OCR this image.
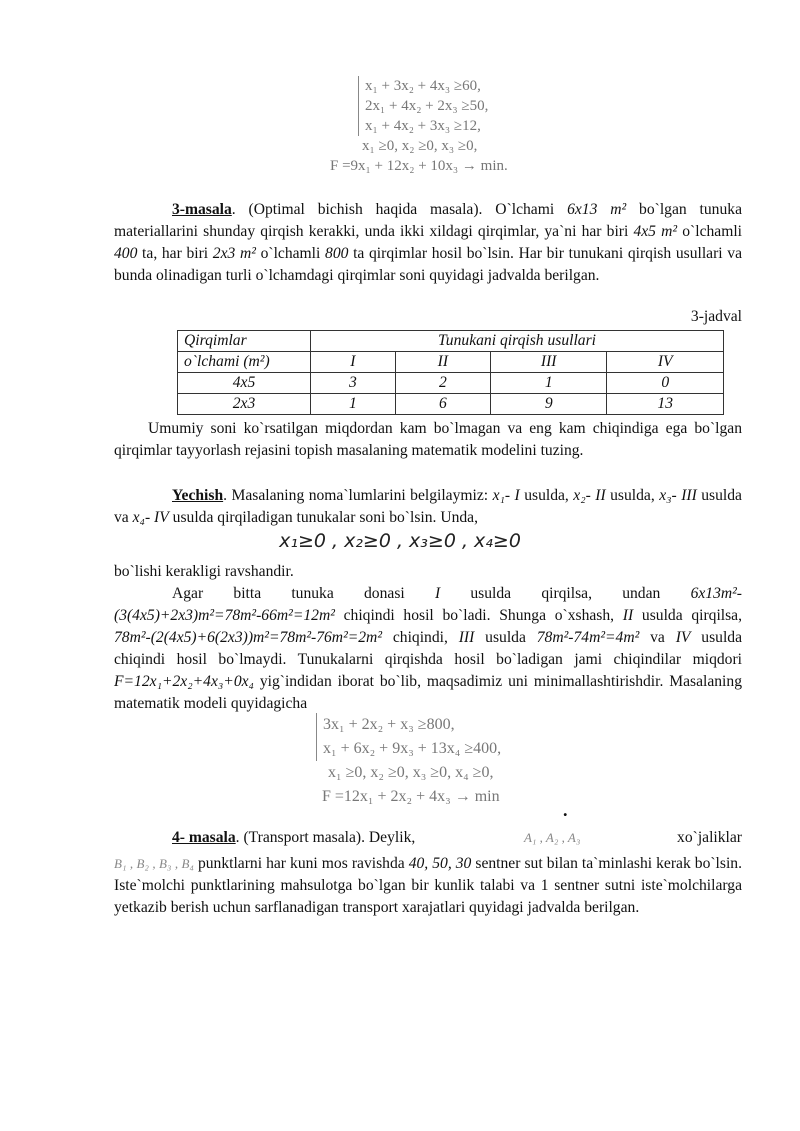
x₁ + 3x₂ + 4x₃ ≥60,
2x₁ + 4x₂ + 2x₃ ≥50,
x₁ + 4x₂ + 3x₃ ≥12,
x₁ ≥0, x₂ ≥0, x₃ ≥0,
F =9x₁ + 12x₂ + 10x₃ → min.

3-masala. (Optimal bichish haqida masala). O`lchami 6x13 m² bo`lgan tunuka materiallarini shunday qirqish kerakki, unda ikki xildagi qirqimlar, ya`ni har biri 4x5 m² o`lchamli 400 ta, har biri 2x3 m² o`lchamli 800 ta qirqimlar hosil bo`lsin. Har bir tunukani qirqish usullari va bunda olinadigan turli o`lchamdagi qirqimlar soni quyidagi jadvalda berilgan.

3-jadval
Qirqimlar	Tunukani qirqish usullari			
o`lchami (m²)	I	II	III	IV
4x5	3	2	1	0
2x3	1	6	9	13

Umumiy soni ko`rsatilgan miqdordan kam bo`lmagan va eng kam chiqindiga ega bo`lgan qirqimlar tayyorlash rejasini topish masalaning matematik modelini tuzing.

Yechish. Masalaning noma`lumlarini belgilaymiz: x₁- I usulda, x₂- II usulda, x₃- III usulda va x₄- IV usulda qirqiladigan tunukalar soni bo`lsin. Unda,

x₁≥0 , x₂≥0 , x₃≥0 , x₄≥0

bo`lishi kerakligi ravshandir.

Agar bitta tunuka donasi I usulda qirqilsa, undan 6x13m²-(3(4x5)+2x3)m²=78m²-66m²=12m² chiqindi hosil bo`ladi. Shunga o`xshash, II usulda qirqilsa, 78m²-(2(4x5)+6(2x3))m²=78m²-76m²=2m² chiqindi, III usulda 78m²-74m²=4m² va IV usulda chiqindi hosil bo`lmaydi. Tunukalarni qirqishda hosil bo`ladigan jami chiqindilar miqdori F=12x₁+2x₂+4x₃+0x₄ yig`indidan iborat bo`lib, maqsadimiz uni minimallashtirishdir. Masalaning matematik modeli quyidagicha

3x₁ + 2x₂ + x₃ ≥800,
x₁ + 6x₂ + 9x₃ + 13x₄ ≥400,
x₁ ≥0, x₂ ≥0, x₃ ≥0, x₄ ≥0,
F =12x₁ + 2x₂ + 4x₃ → min
.

4- masala. (Transport masala). Deylik,	A₁ , A₂ , A₃	xo`jaliklar

B₁ , B₂ , B₃ , B₄ punktlarni har kuni mos ravishda 40, 50, 30 sentner sut bilan ta`minlashi kerak bo`lsin. Iste`molchi punktlarining mahsulotga bo`lgan bir kunlik talabi va 1 sentner sutni iste`molchilarga yetkazib berish uchun sarflanadigan transport xarajatlari quyidagi jadvalda berilgan.
